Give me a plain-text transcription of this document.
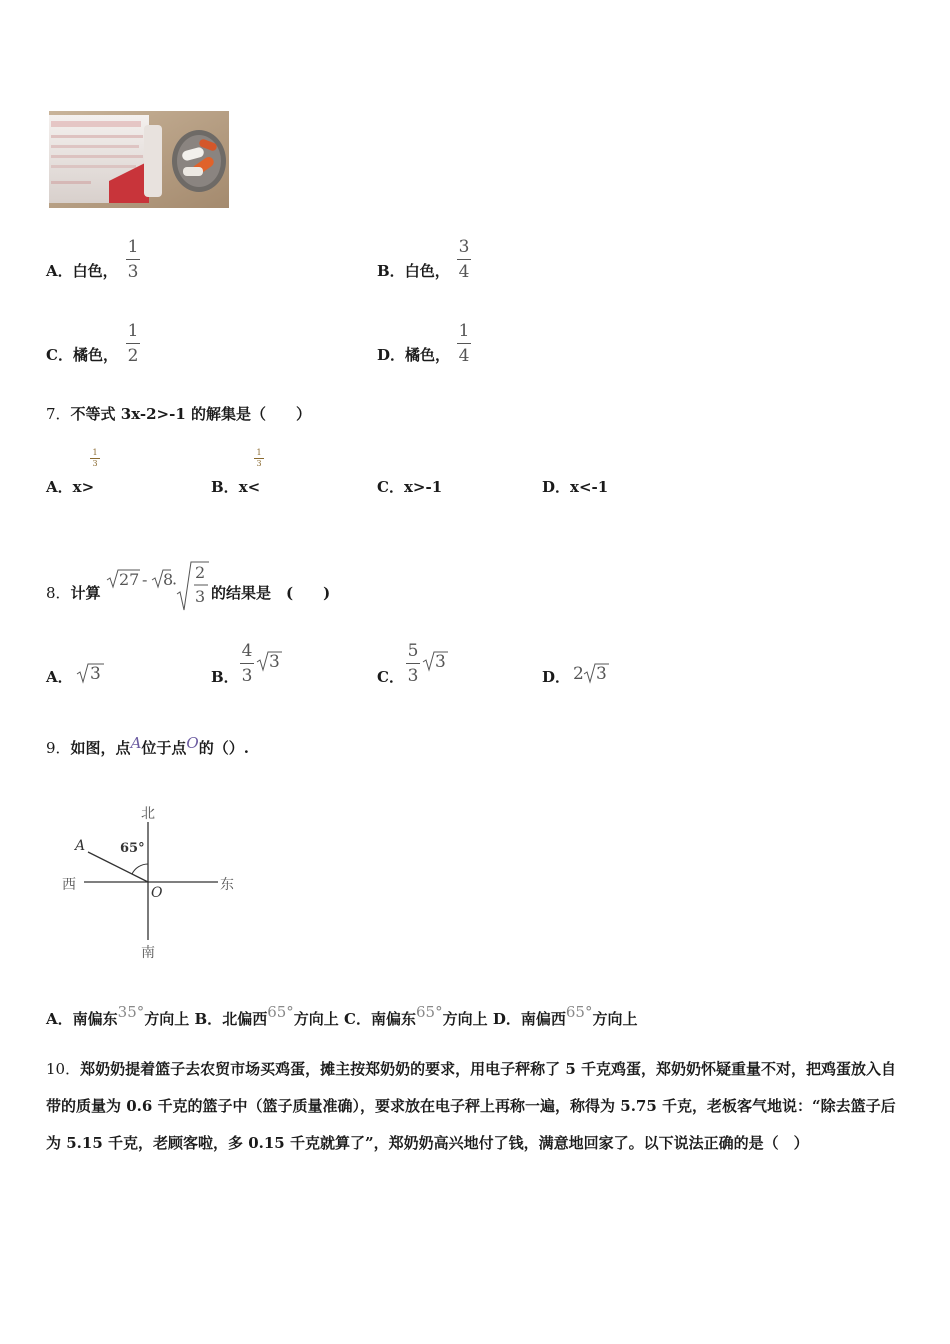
A．白色，
1
3	B．白色，
3
4
C．橘色，
1
2	D．橘色，
1
4
7．不等式 3x-2>-1 的解集是（　　）
A．x>
1
3
B．x<
1
3
C．x>-1	D．x<-1
8．计算
27 - 8
·
2
3 的结果是　(　　)
A． 3	B．
4
3
3
C．
5
3
3
D． 2 3
9．如图，点A位于点O的（）.
北
南
西	东
65°
A
O
A．南偏东35°方向上 B．北偏西65°方向上 C．南偏东65°方向上 D．南偏西65°方向上
10．郑奶奶提着篮子去农贸市场买鸡蛋，摊主按郑奶奶的要求，用电子秤称了 5 千克鸡蛋，郑奶奶怀疑重量不对，把鸡蛋放入自带的质量为 0.6 千克的篮子中（篮子质量准确），要求放在电子秤上再称一遍，称得为 5.75 千克，老板客气地说：“除去篮子后为 5.15 千克，老顾客啦，多 0.15 千克就算了”，郑奶奶高兴地付了钱，满意地回家了。以下说法正确的是（　）
